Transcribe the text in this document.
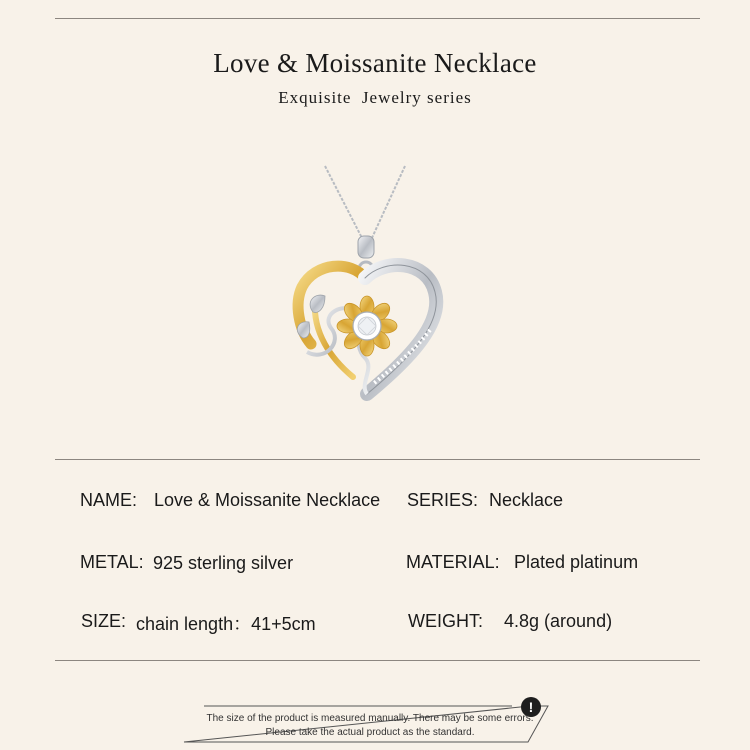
Love & Moissanite Necklace
Exquisite  Jewelry series
NAME: Love & Moissanite Necklace SERIES: Necklace
METAL: 925 sterling silver	MATERIAL: Plated platinum
SIZE: chain length：41+5cm	WEIGHT: 4.8g (around)
!
The size of the product is measured manually. There may be some errors.
Please take the actual product as the standard.
